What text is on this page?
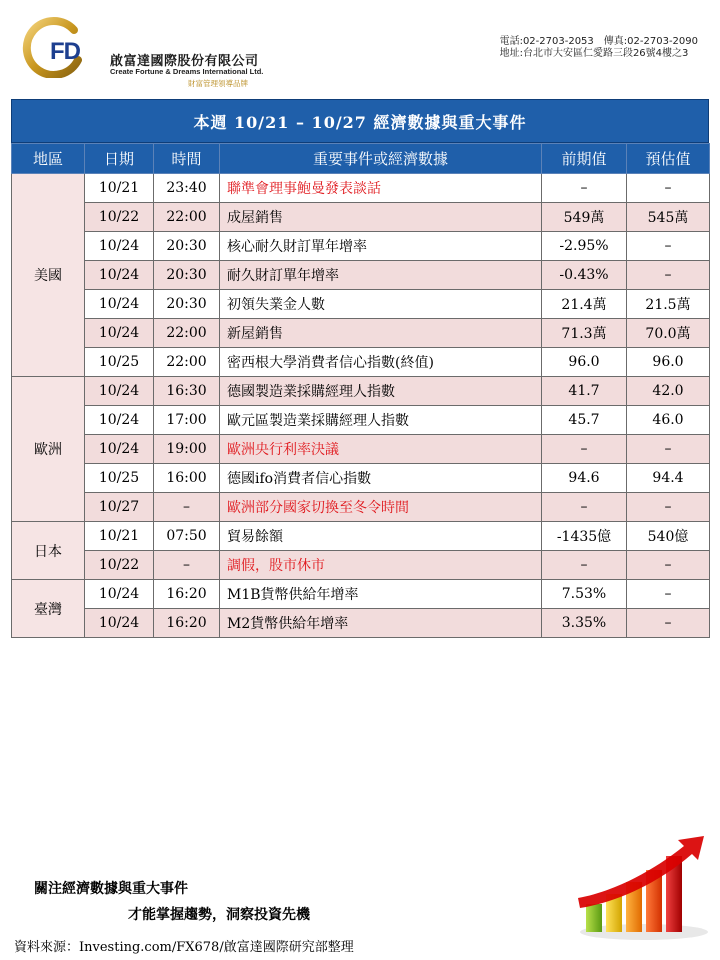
FD 啟富達國際股份有限公司
Create Fortune & Dreams International Ltd.
財富管理領導品牌
電話:02-2703-2053　傳真:02-2703-2090
地址:台北市大安區仁愛路三段26號4樓之3
本週 10/21 – 10/27 經濟數據與重大事件
地區	日期	時間	重要事件或經濟數據	前期值	預估值
美國	10/21	23:40	聯準會理事鮑曼發表談話	–	–
	10/22	22:00	成屋銷售	549萬	545萬
	10/24	20:30	核心耐久財訂單年增率	-2.95%	–
	10/24	20:30	耐久財訂單年增率	-0.43%	–
	10/24	20:30	初領失業金人數	21.4萬	21.5萬
	10/24	22:00	新屋銷售	71.3萬	70.0萬
	10/25	22:00	密西根大學消費者信心指數(終值)	96.0	96.0
歐洲	10/24	16:30	德國製造業採購經理人指數	41.7	42.0
	10/24	17:00	歐元區製造業採購經理人指數	45.7	46.0
	10/24	19:00	歐洲央行利率決議	–	–
	10/25	16:00	德國ifo消費者信心指數	94.6	94.4
	10/27	–	歐洲部分國家切換至冬令時間	–	–
日本	10/21	07:50	貿易餘額	-1435億	540億
	10/22	–	調假，股市休市	–	–
臺灣	10/24	16:20	M1B貨幣供給年增率	7.53%	–
	10/24	16:20	M2貨幣供給年增率	3.35%	–
關注經濟數據與重大事件
才能掌握趨勢，洞察投資先機
資料來源：Investing.com/FX678/啟富達國際研究部整理
